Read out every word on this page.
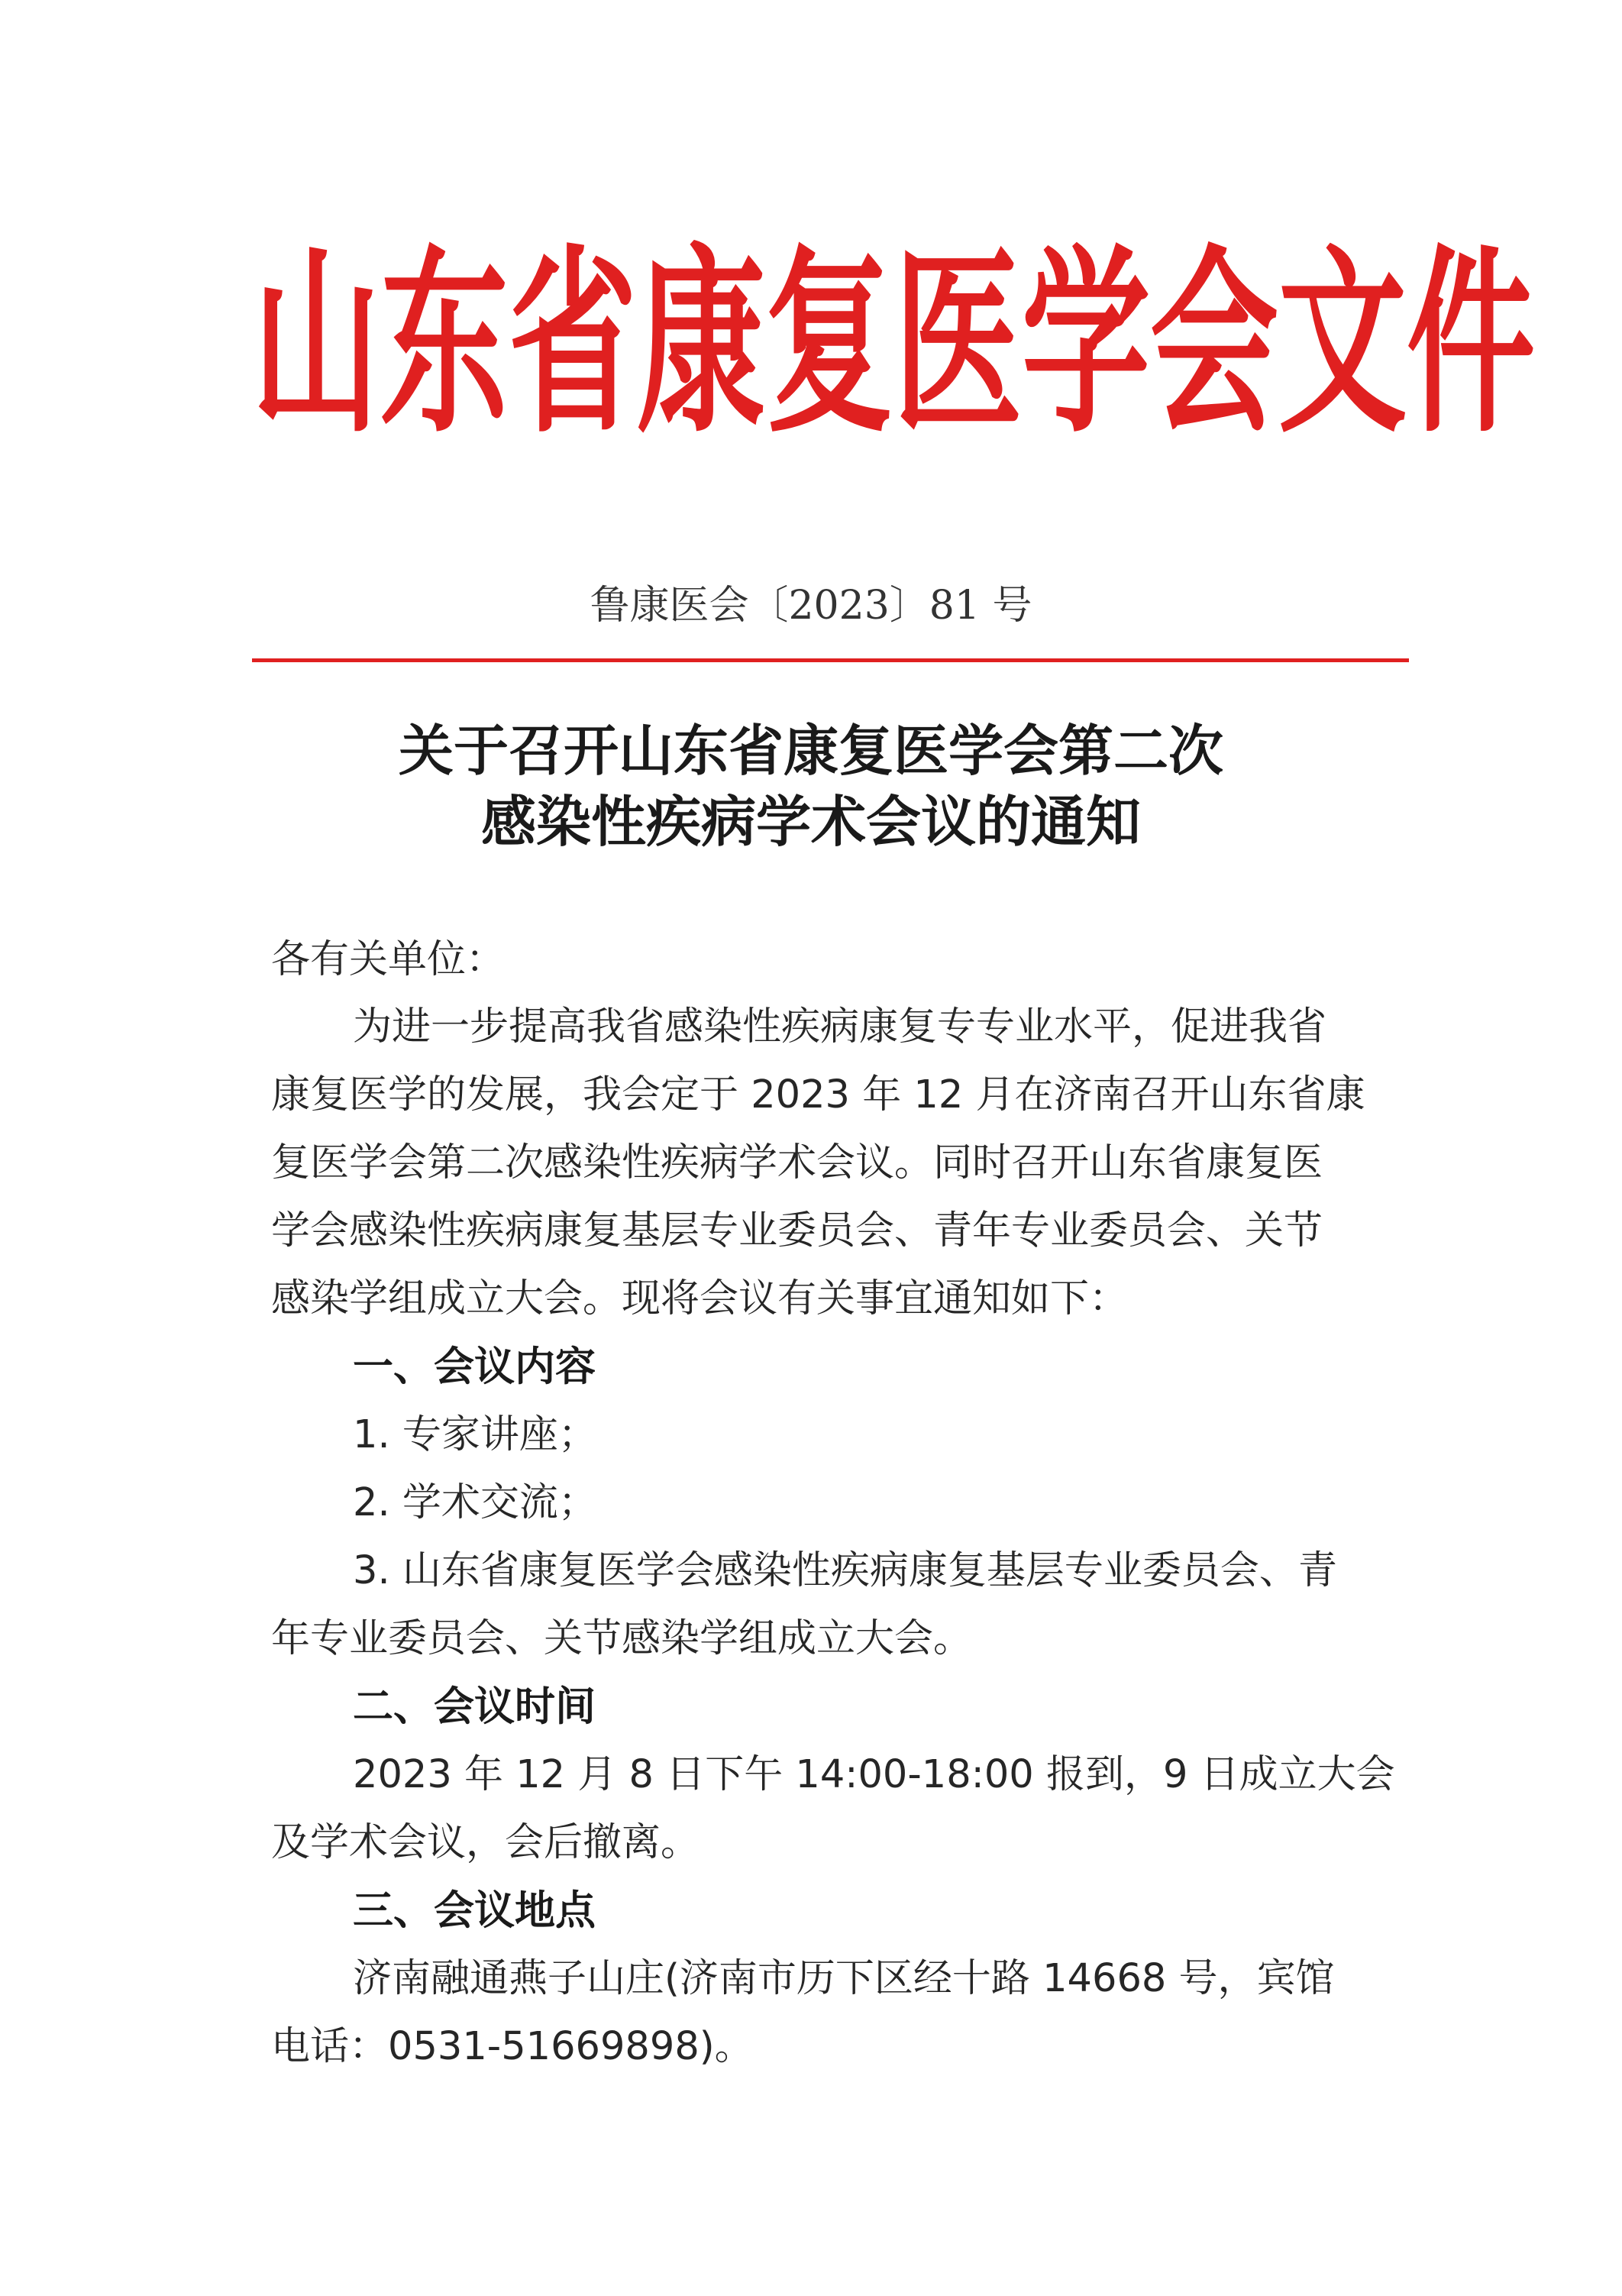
山东省康复医学会文件
鲁康医会〔2023〕81 号
关于召开山东省康复医学会第二次
感染性疾病学术会议的通知
各有关单位：
为进一步提高我省感染性疾病康复专专业水平，促进我省
康复医学的发展，我会定于 2023 年 12 月在济南召开山东省康
复医学会第二次感染性疾病学术会议。同时召开山东省康复医
学会感染性疾病康复基层专业委员会、青年专业委员会、关节
感染学组成立大会。现将会议有关事宜通知如下：
一、会议内容
1. 专家讲座；
2. 学术交流；
3. 山东省康复医学会感染性疾病康复基层专业委员会、青
年专业委员会、关节感染学组成立大会。
二、会议时间
2023 年 12 月 8 日下午 14:00-18:00 报到，9 日成立大会
及学术会议，会后撤离。
三、会议地点
济南融通燕子山庄(济南市历下区经十路 14668 号，宾馆
电话：0531-51669898)。
